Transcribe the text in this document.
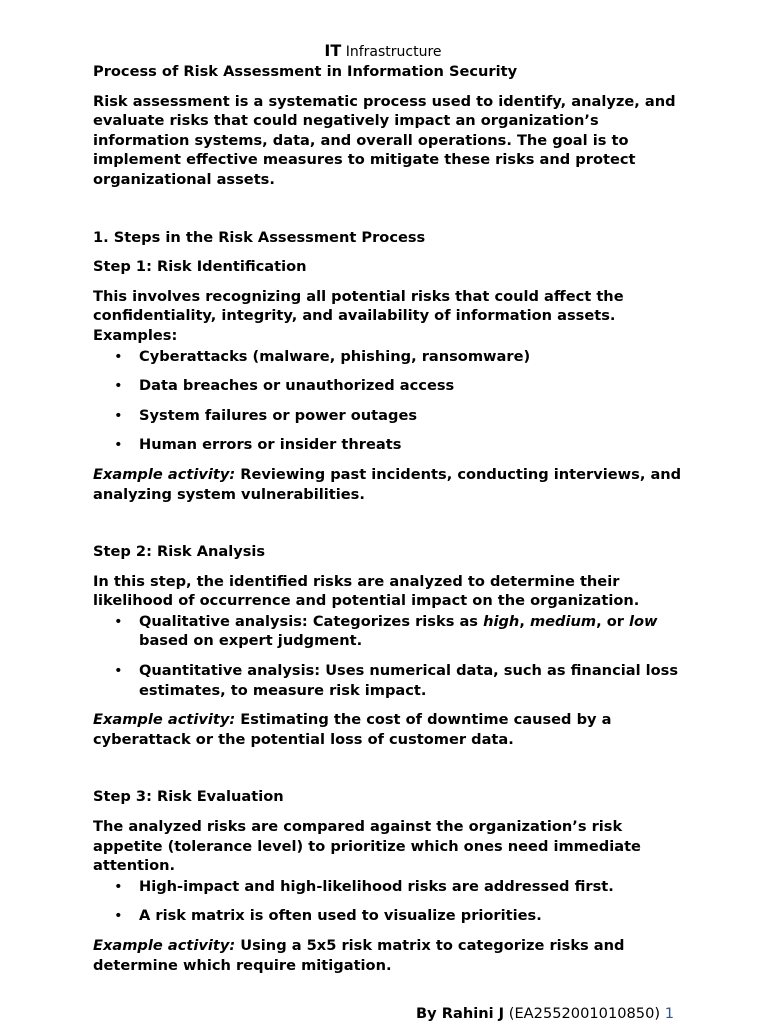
IT Infrastructure

Process of Risk Assessment in Information Security

Risk assessment is a systematic process used to identify, analyze, and evaluate risks that could negatively impact an organization’s information systems, data, and overall operations. The goal is to implement effective measures to mitigate these risks and protect organizational assets.

1. Steps in the Risk Assessment Process

Step 1: Risk Identification

This involves recognizing all potential risks that could affect the confidentiality, integrity, and availability of information assets. Examples:

• Cyberattacks (malware, phishing, ransomware)
• Data breaches or unauthorized access
• System failures or power outages
• Human errors or insider threats

Example activity: Reviewing past incidents, conducting interviews, and analyzing system vulnerabilities.

Step 2: Risk Analysis

In this step, the identified risks are analyzed to determine their likelihood of occurrence and potential impact on the organization.

• Qualitative analysis: Categorizes risks as high, medium, or low based on expert judgment.
• Quantitative analysis: Uses numerical data, such as financial loss estimates, to measure risk impact.

Example activity: Estimating the cost of downtime caused by a cyberattack or the potential loss of customer data.

Step 3: Risk Evaluation

The analyzed risks are compared against the organization’s risk appetite (tolerance level) to prioritize which ones need immediate attention.

• High-impact and high-likelihood risks are addressed first.
• A risk matrix is often used to visualize priorities.

Example activity: Using a 5x5 risk matrix to categorize risks and determine which require mitigation.

By Rahini J (EA2552001010850) 1
